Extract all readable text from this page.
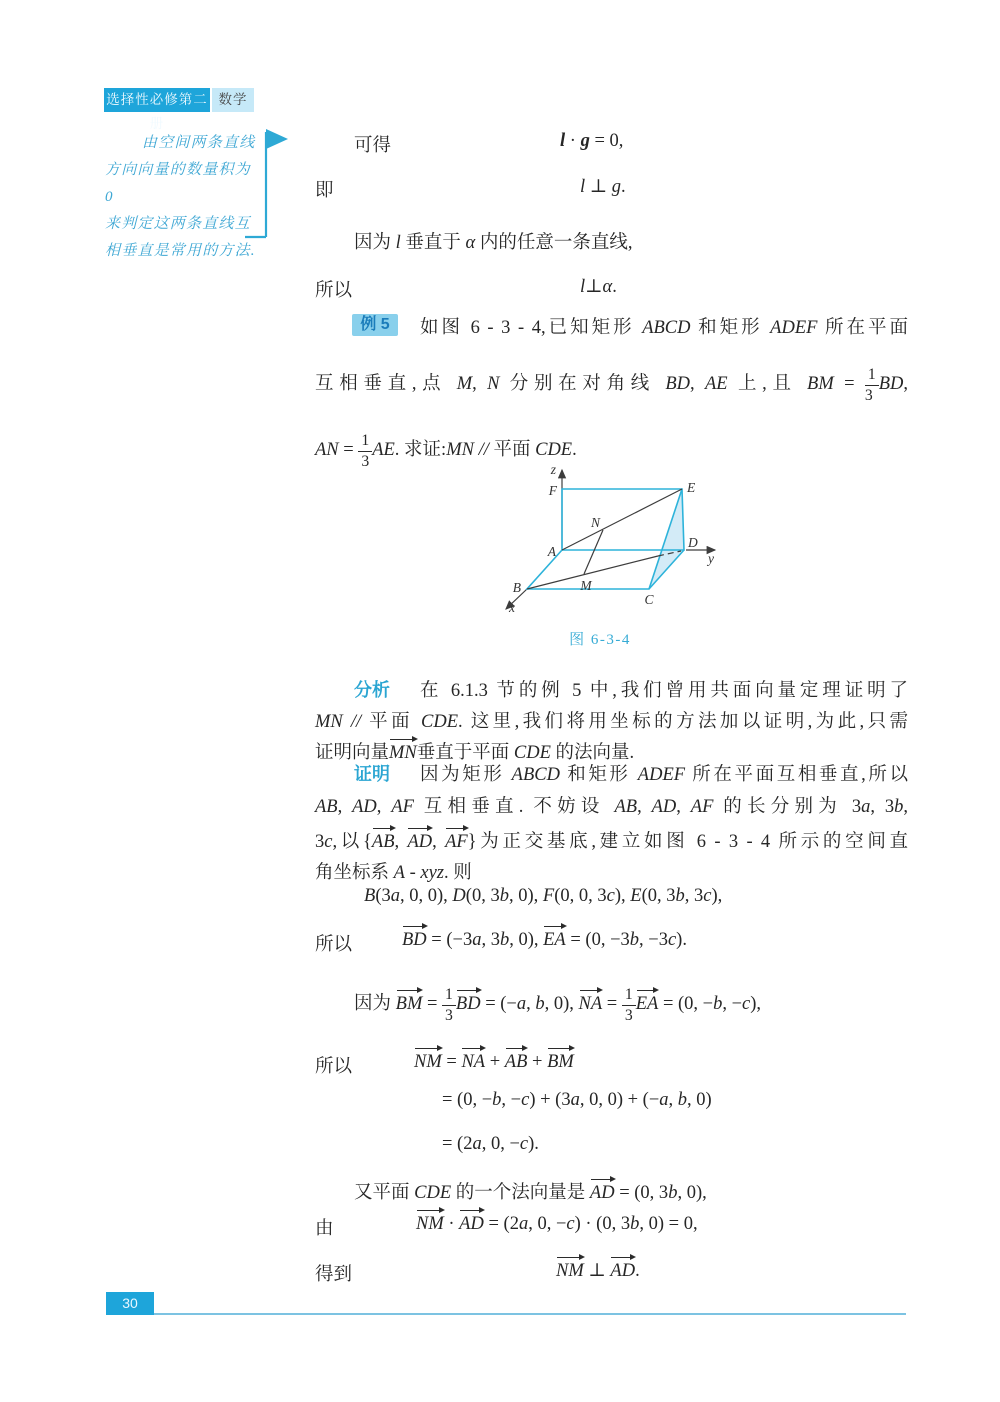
选择性必修第二册
数学
由空间两条直线
方向向量的数量积为 0
来判定这两条直线互
相垂直是常用的方法.
可得	l · g = 0,
即	l ⊥ g.
因为 l 垂直于 α 内的任意一条直线,
所以	l⊥α.
例 5	如图 6 - 3 - 4,已知矩形 ABCD 和矩形 ADEF 所在平面
互相垂直,点 M, N 分别在对角线 BD, AE 上,且 BM = $\frac{1}{3}$ BD,
AN = $\frac{1}{3}$ AE. 求证:MN // 平面 CDE.
z
F	E
N
A
D
y
B	M
C
x
图 6-3-4
分析 在 6.1.3 节的例 5 中,我们曾用共面向量定理证明了
MN // 平面 CDE. 这里,我们将用坐标的方法加以证明,为此,只需
证明向量MN垂直于平面 CDE 的法向量.
证明 因为矩形 ABCD 和矩形 ADEF 所在平面互相垂直,所以
AB, AD, AF 互相垂直. 不妨设 AB, AD, AF 的长分别为 3a, 3b,
3c,以{AB, AD, AF}为正交基底,建立如图 6 - 3 - 4 所示的空间直
角坐标系 A - xyz. 则
B(3a, 0, 0), D(0, 3b, 0), F(0, 0, 3c), E(0, 3b, 3c),
所以	BD = (−3a, 3b, 0), EA = (0, −3b, −3c).
因为 BM = $\frac{1}{3}$ BD = (−a, b, 0), NA = $\frac{1}{3}$ EA = (0, −b, −c),
所以	NM = NA + AB + BM
= (0, −b, −c) + (3a, 0, 0) + (−a, b, 0)
= (2a, 0, −c).
又平面 CDE 的一个法向量是 AD = (0, 3b, 0),
由	NM · AD = (2a, 0, −c) · (0, 3b, 0) = 0,
得到	NM ⊥ AD.
30
